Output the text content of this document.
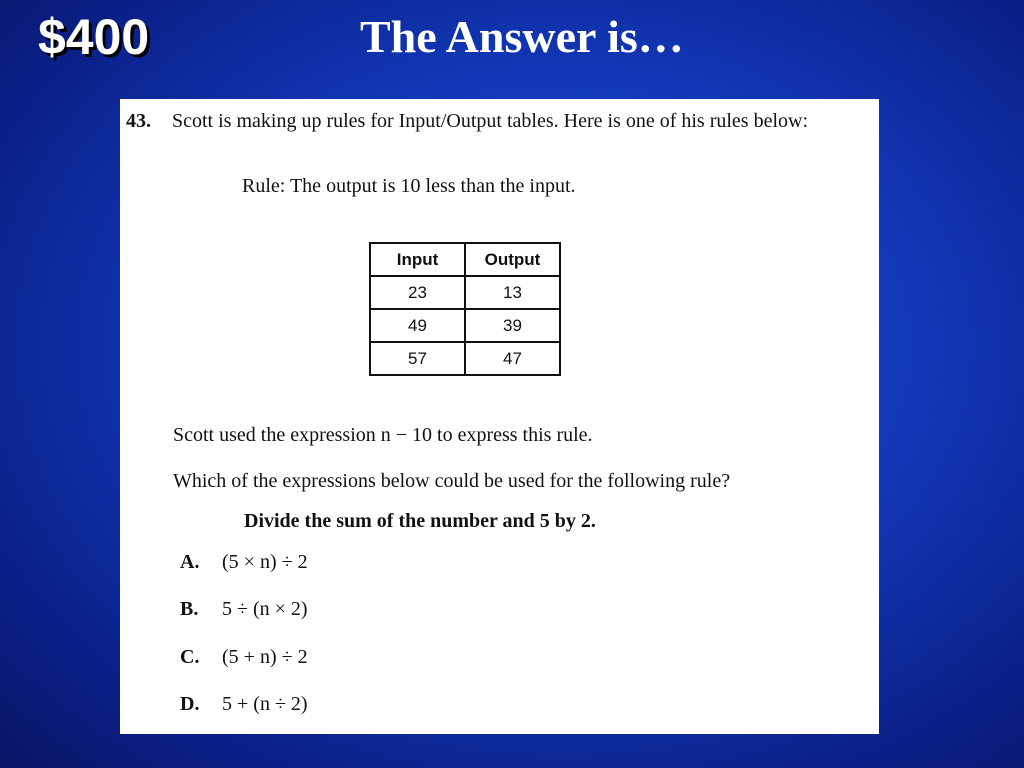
$400	The Answer is…
43. Scott is making up rules for Input/Output tables. Here is one of his rules below:
Rule: The output is 10 less than the input.
Input	Output
23	13
49	39
57	47
Scott used the expression n − 10 to express this rule.
Which of the expressions below could be used for the following rule?
Divide the sum of the number and 5 by 2.
A. (5 × n) ÷ 2
B. 5 ÷ (n × 2)
C. (5 + n) ÷ 2
D. 5 + (n ÷ 2)
